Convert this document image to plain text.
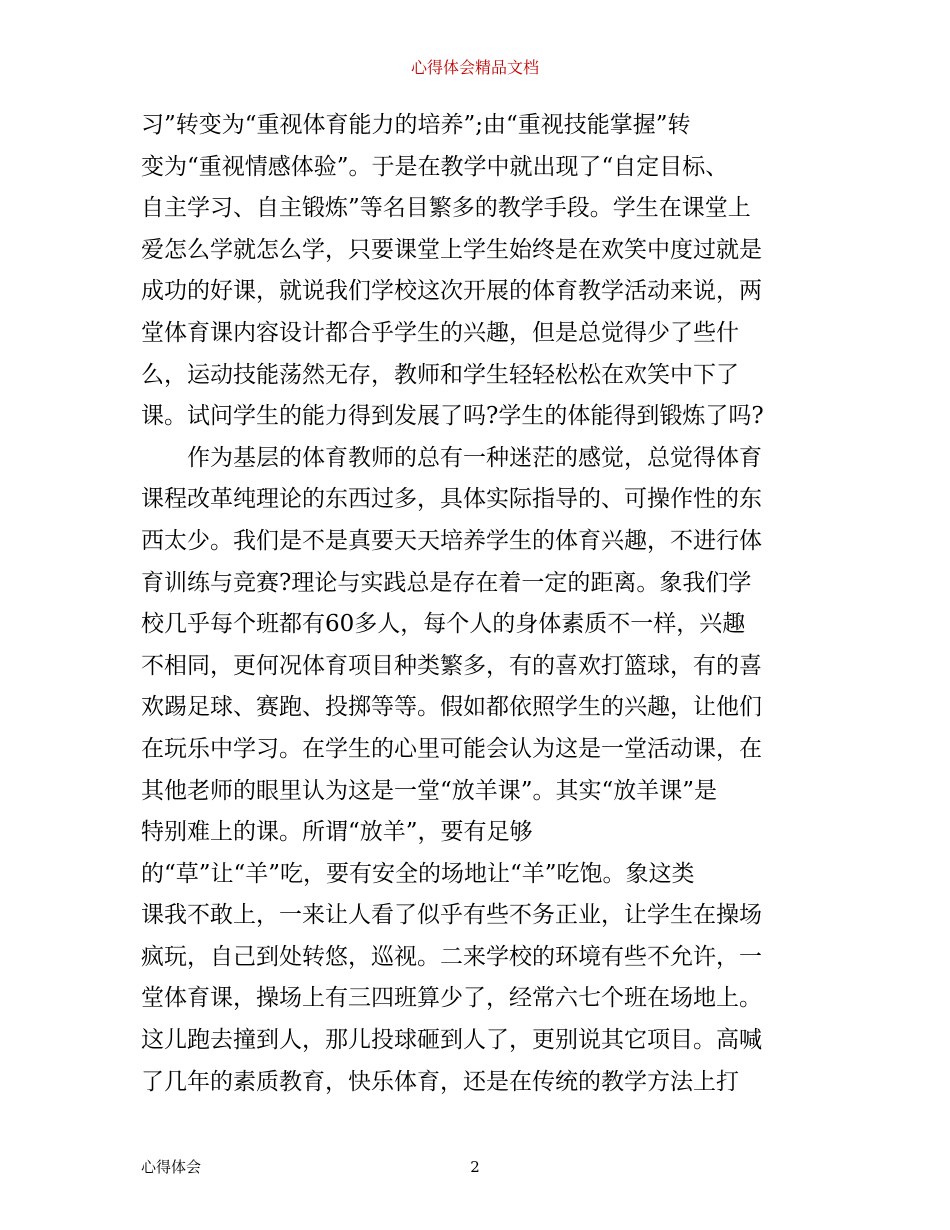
心得体会精品文档
习”转变为“重视体育能力的培养”;由“重视技能掌握”转
变为“重视情感体验”。于是在教学中就出现了“自定目标、
自主学习、自主锻炼”等名目繁多的教学手段。学生在课堂上
爱怎么学就怎么学，只要课堂上学生始终是在欢笑中度过就是
成功的好课，就说我们学校这次开展的体育教学活动来说，两
堂体育课内容设计都合乎学生的兴趣，但是总觉得少了些什
么，运动技能荡然无存，教师和学生轻轻松松在欢笑中下了
课。试问学生的能力得到发展了吗?学生的体能得到锻炼了吗?
作为基层的体育教师的总有一种迷茫的感觉，总觉得体育
课程改革纯理论的东西过多，具体实际指导的、可操作性的东
西太少。我们是不是真要天天培养学生的体育兴趣，不进行体
育训练与竞赛?理论与实践总是存在着一定的距离。象我们学
校几乎每个班都有60多人，每个人的身体素质不一样，兴趣
不相同，更何况体育项目种类繁多，有的喜欢打篮球，有的喜
欢踢足球、赛跑、投掷等等。假如都依照学生的兴趣，让他们
在玩乐中学习。在学生的心里可能会认为这是一堂活动课，在
其他老师的眼里认为这是一堂“放羊课”。其实“放羊课”是
特别难上的课。所谓“放羊”，要有足够
的“草”让“羊”吃，要有安全的场地让“羊”吃饱。象这类
课我不敢上，一来让人看了似乎有些不务正业，让学生在操场
疯玩，自己到处转悠，巡视。二来学校的环境有些不允许，一
堂体育课，操场上有三四班算少了，经常六七个班在场地上。
这儿跑去撞到人，那儿投球砸到人了，更别说其它项目。高喊
了几年的素质教育，快乐体育，还是在传统的教学方法上打
心得体会	2
